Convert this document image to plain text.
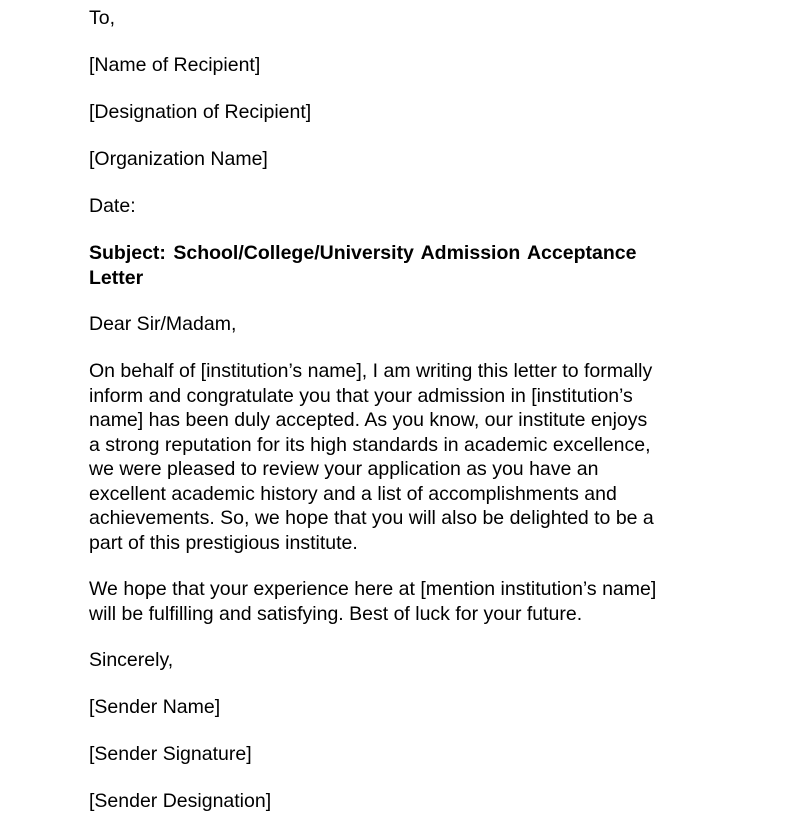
To,
[Name of Recipient]
[Designation of Recipient]
[Organization Name]
Date:
Subject: School/College/University Admission Acceptance
Letter
Dear Sir/Madam,
On behalf of [institution’s name], I am writing this letter to formally
inform and congratulate you that your admission in [institution’s
name] has been duly accepted. As you know, our institute enjoys
a strong reputation for its high standards in academic excellence,
we were pleased to review your application as you have an
excellent academic history and a list of accomplishments and
achievements. So, we hope that you will also be delighted to be a
part of this prestigious institute.
We hope that your experience here at [mention institution’s name]
will be fulfilling and satisfying. Best of luck for your future.
Sincerely,
[Sender Name]
[Sender Signature]
[Sender Designation]
